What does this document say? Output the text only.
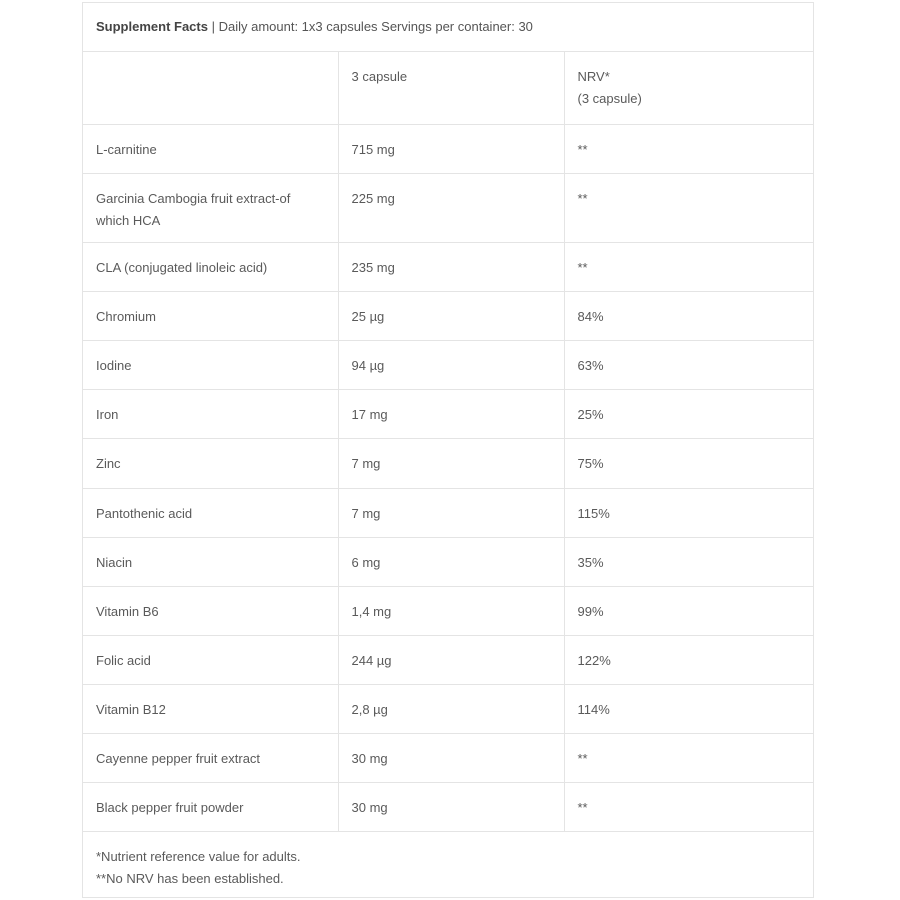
Supplement Facts | Daily amount: 1x3 capsules Servings per container: 30
	3 capsule	NRV*
(3 capsule)

L-carnitine	715 mg	**
Garcinia Cambogia fruit extract-of which HCA	225 mg	**
CLA (conjugated linoleic acid)	235 mg	**
Chromium	25 µg	84%
Iodine	94 µg	63%
Iron	17 mg	25%
Zinc	7 mg	75%
Pantothenic acid	7 mg	115%
Niacin	6 mg	35%
Vitamin B6	1,4 mg	99%
Folic acid	244 µg	122%
Vitamin B12	2,8 µg	114%
Cayenne pepper fruit extract	30 mg	**
Black pepper fruit powder	30 mg	**
*Nutrient reference value for adults.
**No NRV has been established.
